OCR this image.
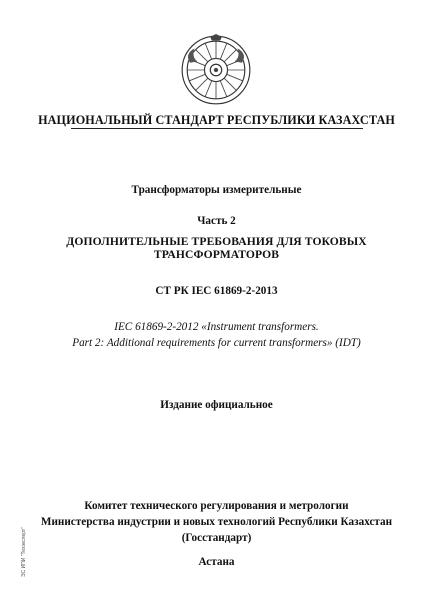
НАЦИОНАЛЬНЫЙ СТАНДАРТ РЕСПУБЛИКИ КАЗАХСТАН
Трансформаторы измерительные
Часть 2
ДОПОЛНИТЕЛЬНЫЕ ТРЕБОВАНИЯ ДЛЯ ТОКОВЫХ
ТРАНСФОРМАТОРОВ
СТ РК IEC 61869-2-2013
IEC 61869-2-2012 «Instrument transformers.
Part 2: Additional requirements for current transformers» (IDT)
Издание официальное
Комитет технического регулирования и метрологии
Министерства индустрии и новых технологий Республики Казахстан
(Госстандарт)
Астана
ЭС ИПИ "Техэксперт"
